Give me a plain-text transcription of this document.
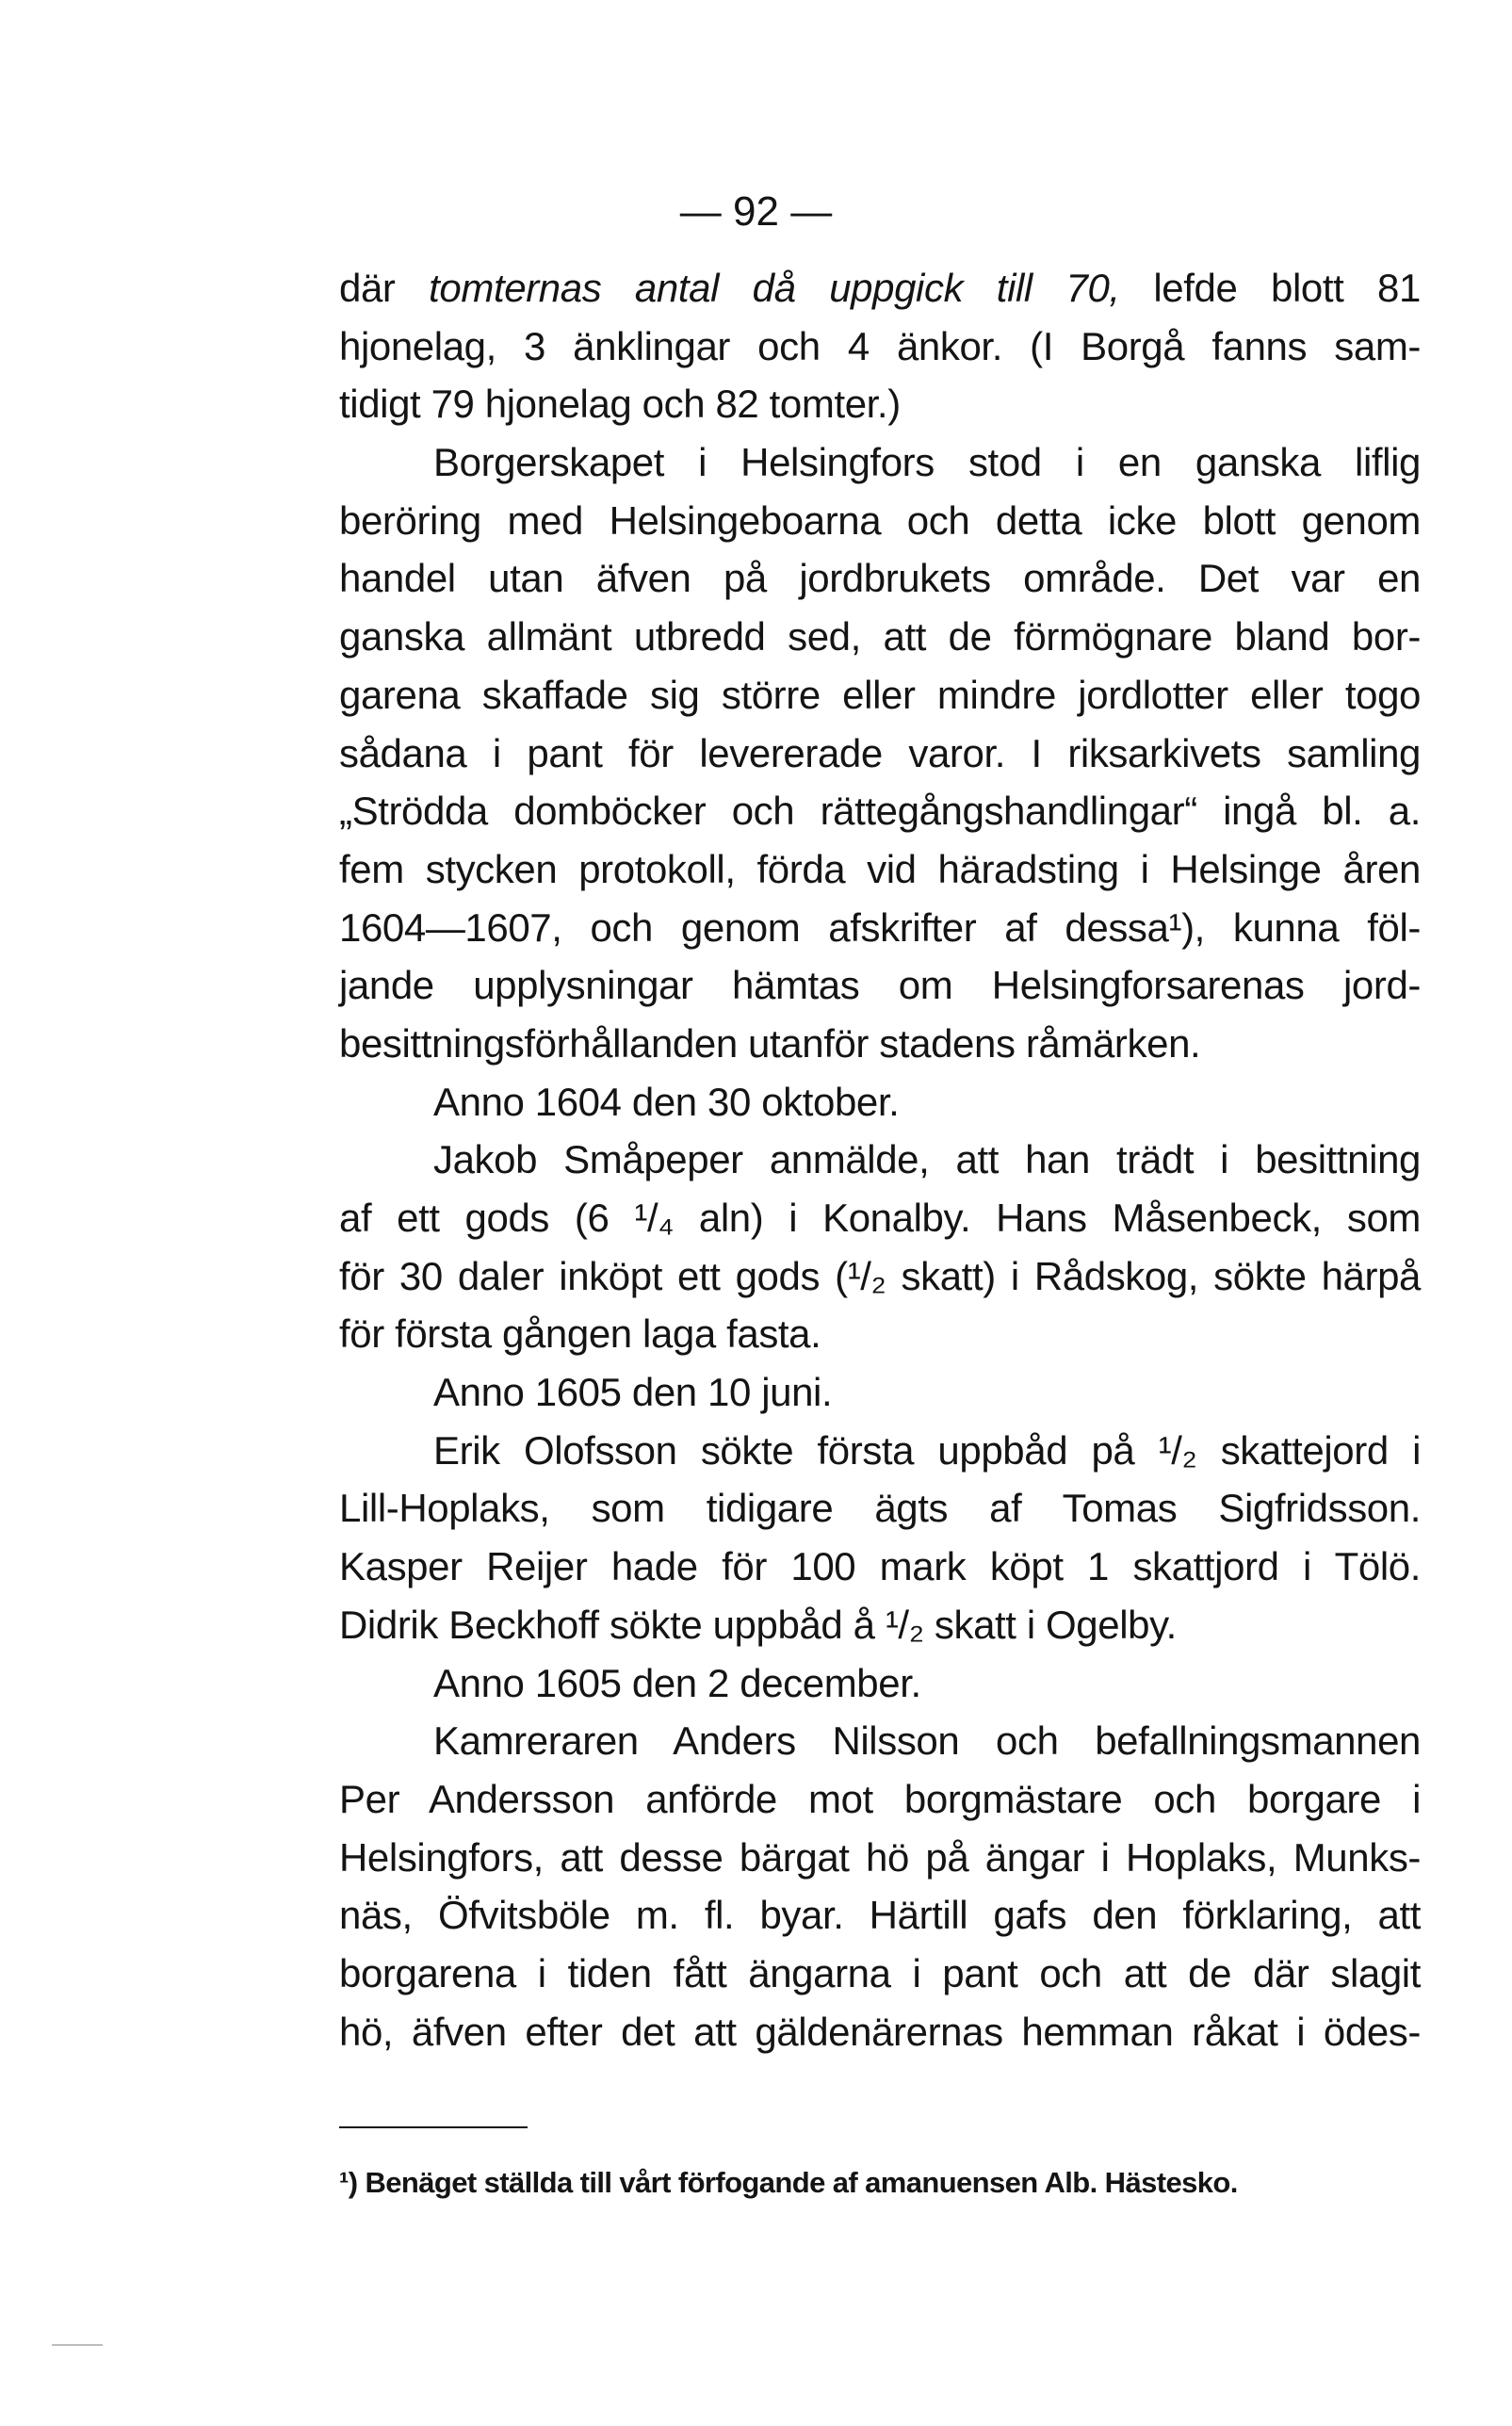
— 92 —
där tomternas antal då uppgick till 70, lefde blott 81
hjonelag, 3 änklingar och 4 änkor. (I Borgå fanns sam-
tidigt 79 hjonelag och 82 tomter.)
Borgerskapet i Helsingfors stod i en ganska liflig
beröring med Helsingeboarna och detta icke blott genom
handel utan äfven på jordbrukets område. Det var en
ganska allmänt utbredd sed, att de förmögnare bland bor-
garena skaffade sig större eller mindre jordlotter eller togo
sådana i pant för levererade varor. I riksarkivets samling
„Strödda domböcker och rättegångshandlingar“ ingå bl. a.
fem stycken protokoll, förda vid häradsting i Helsinge åren
1604—1607, och genom afskrifter af dessa¹), kunna föl-
jande upplysningar hämtas om Helsingforsarenas jord-
besittningsförhållanden utanför stadens råmärken.
Anno 1604 den 30 oktober.
Jakob Småpeper anmälde, att han trädt i besittning
af ett gods (6 ¹/₄ aln) i Konalby. Hans Måsenbeck, som
för 30 daler inköpt ett gods (¹/₂ skatt) i Rådskog, sökte härpå
för första gången laga fasta.
Anno 1605 den 10 juni.
Erik Olofsson sökte första uppbåd på ¹/₂ skattejord i
Lill-Hoplaks, som tidigare ägts af Tomas Sigfridsson.
Kasper Reijer hade för 100 mark köpt 1 skattjord i Tölö.
Didrik Beckhoff sökte uppbåd å ¹/₂ skatt i Ogelby.
Anno 1605 den 2 december.
Kamreraren Anders Nilsson och befallningsmannen
Per Andersson anförde mot borgmästare och borgare i
Helsingfors, att desse bärgat hö på ängar i Hoplaks, Munks-
näs, Öfvitsböle m. fl. byar. Härtill gafs den förklaring, att
borgarena i tiden fått ängarna i pant och att de där slagit
hö, äfven efter det att gäldenärernas hemman råkat i ödes-
¹) Benäget ställda till vårt förfogande af amanuensen Alb. Hästesko.
